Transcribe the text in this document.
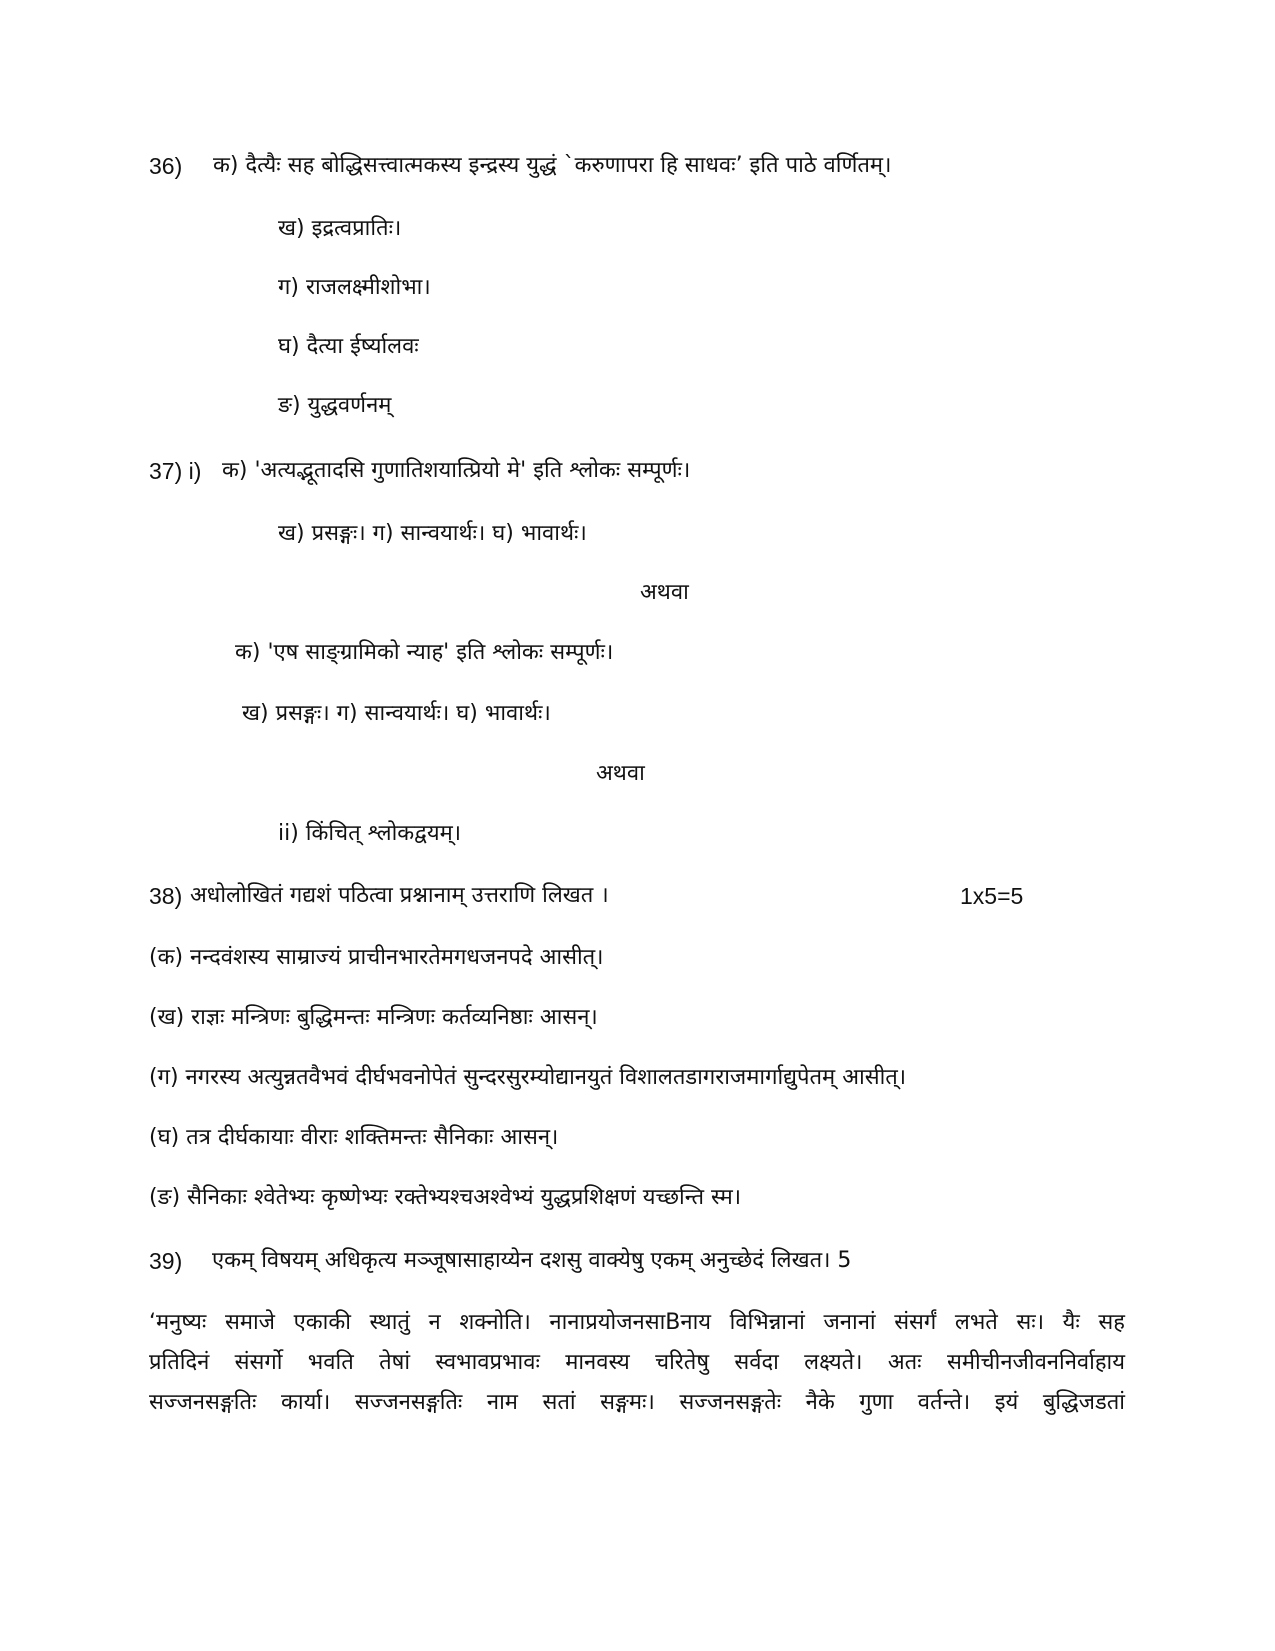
36) क) दैत्यैः सह बोद्धिसत्त्वात्मकस्य इन्द्रस्य युद्धं `करुणापरा हि साधवः’ इति पाठे वर्णितम्।
ख) इद्रत्वप्रातिः।
ग) राजलक्ष्मीशोभा।
घ) दैत्या ईर्ष्यालवः
ङ) युद्धवर्णनम्
37) i) क) 'अत्यद्भूतादसि गुणातिशयात्प्रियो मे' इति श्लोकः सम्पूर्णः।
ख) प्रसङ्गः। ग) सान्वयार्थः। घ) भावार्थः।
अथवा
क) 'एष साङ्ग्रामिको न्याह' इति श्लोकः सम्पूर्णः।
ख) प्रसङ्गः। ग) सान्वयार्थः। घ) भावार्थः।
अथवा
ii) किंचित् श्लोकद्वयम्।
38) अधोलोखितं गद्यशं पठित्वा प्रश्नानाम् उत्तराणि लिखत ।	1x5=5
(क) नन्दवंशस्य साम्राज्यं प्राचीनभारतेमगधजनपदे आसीत्।
(ख) राज्ञः मन्त्रिणः बुद्धिमन्तः मन्त्रिणः कर्तव्यनिष्ठाः आसन्।
(ग) नगरस्य अत्युन्नतवैभवं दीर्घभवनोपेतं सुन्दरसुरम्योद्यानयुतं विशालतडागराजमार्गाद्युपेतम् आसीत्।
(घ) तत्र दीर्घकायाः वीराः शक्तिमन्तः सैनिकाः आसन्।
(ङ) सैनिकाः श्वेतेभ्यः कृष्णेभ्यः रक्तेभ्यश्चअश्वेभ्यं युद्धप्रशिक्षणं यच्छन्ति स्म।
39) एकम् विषयम् अधिकृत्य मञ्जूषासाहाय्येन दशसु वाक्येषु एकम् अनुच्छेदं लिखत। 5
‘मनुष्यः समाजे एकाकी स्थातुं न शक्नोति। नानाप्रयोजनसाBनाय विभिन्नानां जनानां संसर्गं लभते सः। यैः सह
प्रतिदिनं संसर्गो भवति तेषां स्वभावप्रभावः मानवस्य चरितेषु सर्वदा लक्ष्यते। अतः समीचीनजीवननिर्वाहाय
सज्जनसङ्गतिः कार्या। सज्जनसङ्गतिः नाम सतां सङ्गमः। सज्जनसङ्गतेः नैके गुणा वर्तन्ते। इयं बुद्धिजडतां
